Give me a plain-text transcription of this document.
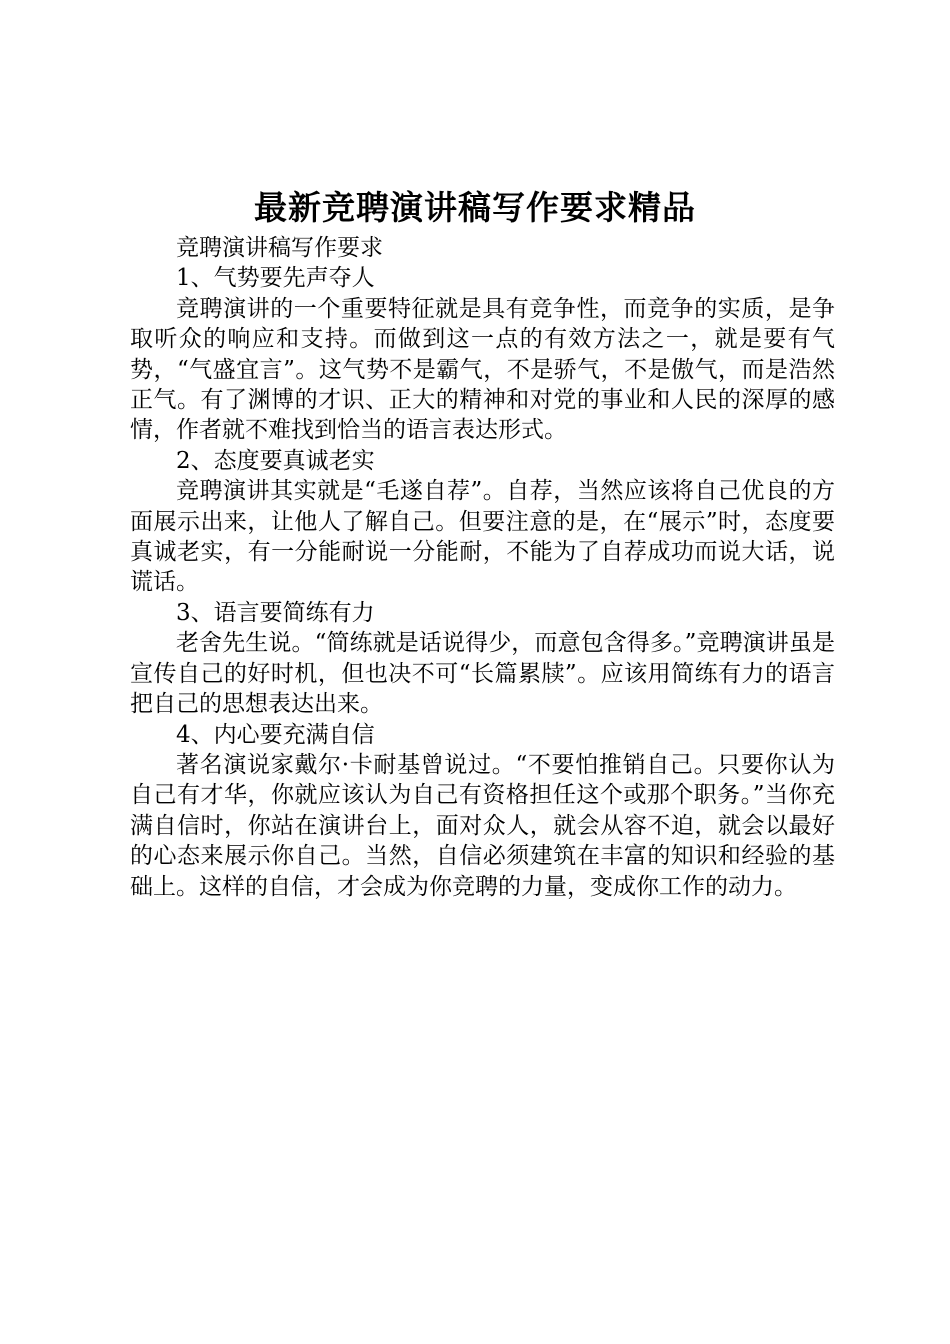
最新竞聘演讲稿写作要求精品

竞聘演讲稿写作要求

1、气势要先声夺人

竞聘演讲的一个重要特征就是具有竞争性，而竞争的实质，是争取听众的响应和支持。而做到这一点的有效方法之一，就是要有气势，“气盛宜言”。这气势不是霸气，不是骄气，不是傲气，而是浩然正气。有了渊博的才识、正大的精神和对党的事业和人民的深厚的感情，作者就不难找到恰当的语言表达形式。

2、态度要真诚老实

竞聘演讲其实就是“毛遂自荐”。自荐，当然应该将自己优良的方面展示出来，让他人了解自己。但要注意的是，在“展示”时，态度要真诚老实，有一分能耐说一分能耐，不能为了自荐成功而说大话，说谎话。

3、语言要简练有力

老舍先生说。“简练就是话说得少，而意包含得多。”竞聘演讲虽是宣传自己的好时机，但也决不可“长篇累牍”。应该用简练有力的语言把自己的思想表达出来。

4、内心要充满自信

著名演说家戴尔·卡耐基曾说过。“不要怕推销自己。只要你认为自己有才华，你就应该认为自己有资格担任这个或那个职务。”当你充满自信时，你站在演讲台上，面对众人，就会从容不迫，就会以最好的心态来展示你自己。当然，自信必须建筑在丰富的知识和经验的基础上。这样的自信，才会成为你竞聘的力量，变成你工作的动力。
